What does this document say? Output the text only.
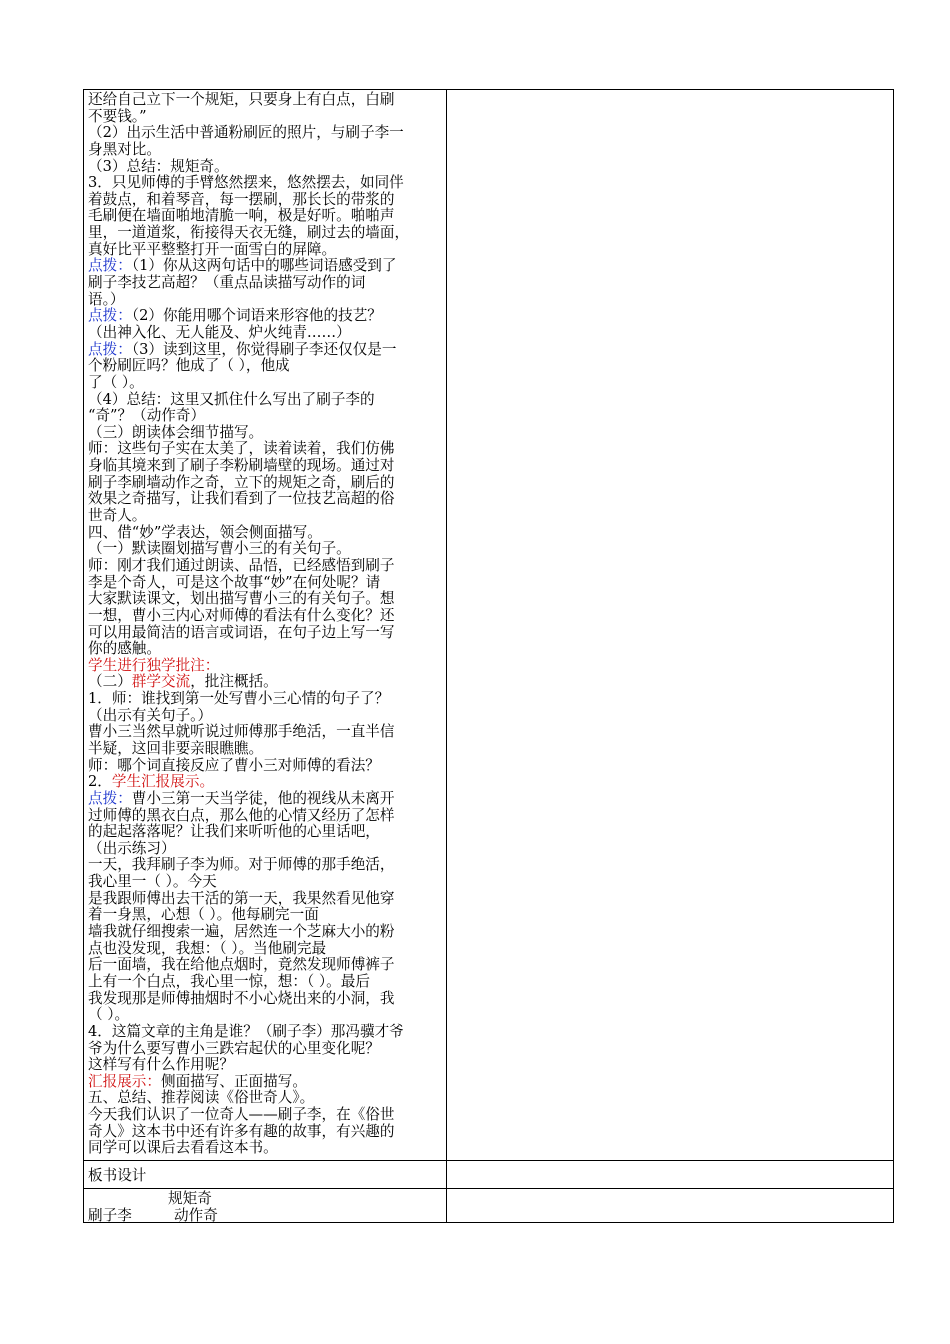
还给自己立下一个规矩，只要身上有白点，白刷
不要钱。”
（2）出示生活中普通粉刷匠的照片，与刷子李一
身黑对比。
（3）总结：规矩奇。
3．只见师傅的手臂悠然摆来，悠然摆去，如同伴
着鼓点，和着琴音，每一摆刷，那长长的带浆的
毛刷便在墙面啪地清脆一响，极是好听。啪啪声
里，一道道浆，衔接得天衣无缝，刷过去的墙面，
真好比平平整整打开一面雪白的屏障。
点拨：（1）你从这两句话中的哪些词语感受到了
刷子李技艺高超？（重点品读描写动作的词
语。）
点拨：（2）你能用哪个词语来形容他的技艺？
（出神入化、无人能及、炉火纯青……）
点拨：（3）读到这里，你觉得刷子李还仅仅是一
个粉刷匠吗？他成了（ ），他成
了（ ）。
（4）总结：这里又抓住什么写出了刷子李的
“奇”？（动作奇）
（三）朗读体会细节描写。
师：这些句子实在太美了，读着读着，我们仿佛
身临其境来到了刷子李粉刷墙壁的现场。通过对
刷子李刷墙动作之奇，立下的规矩之奇，刷后的
效果之奇描写，让我们看到了一位技艺高超的俗
世奇人。
四、借“妙”学表达，领会侧面描写。
（一）默读圈划描写曹小三的有关句子。
师：刚才我们通过朗读、品悟，已经感悟到刷子
李是个奇人，可是这个故事“妙”在何处呢？请
大家默读课文，划出描写曹小三的有关句子。想
一想，曹小三内心对师傅的看法有什么变化？还
可以用最简洁的语言或词语，在句子边上写一写
你的感触。
学生进行独学批注：
（二）群学交流，批注概括。
1．师：谁找到第一处写曹小三心情的句子了？
（出示有关句子。）
曹小三当然早就听说过师傅那手绝活，一直半信
半疑，这回非要亲眼瞧瞧。
师：哪个词直接反应了曹小三对师傅的看法？
2．学生汇报展示。
点拨：曹小三第一天当学徒，他的视线从未离开
过师傅的黑衣白点，那么他的心情又经历了怎样
的起起落落呢？让我们来听听他的心里话吧，
（出示练习）
一天，我拜刷子李为师。对于师傅的那手绝活，
我心里一（ ）。今天
是我跟师傅出去干活的第一天，我果然看见他穿
着一身黑，心想（ ）。他每刷完一面
墙我就仔细搜索一遍，居然连一个芝麻大小的粉
点也没发现，我想：（ ）。当他刷完最
后一面墙，我在给他点烟时，竟然发现师傅裤子
上有一个白点，我心里一惊，想：（ ）。最后
我发现那是师傅抽烟时不小心烧出来的小洞，我
（ ）。
4．这篇文章的主角是谁？（刷子李）那冯骥才爷
爷为什么要写曹小三跌宕起伏的心里变化呢？
这样写有什么作用呢？
汇报展示：侧面描写、正面描写。
五、总结、推荐阅读《俗世奇人》。
今天我们认识了一位奇人——刷子李，在《俗世
奇人》这本书中还有许多有趣的故事，有兴趣的
同学可以课后去看看这本书。
板书设计
规矩奇
刷子李	动作奇
